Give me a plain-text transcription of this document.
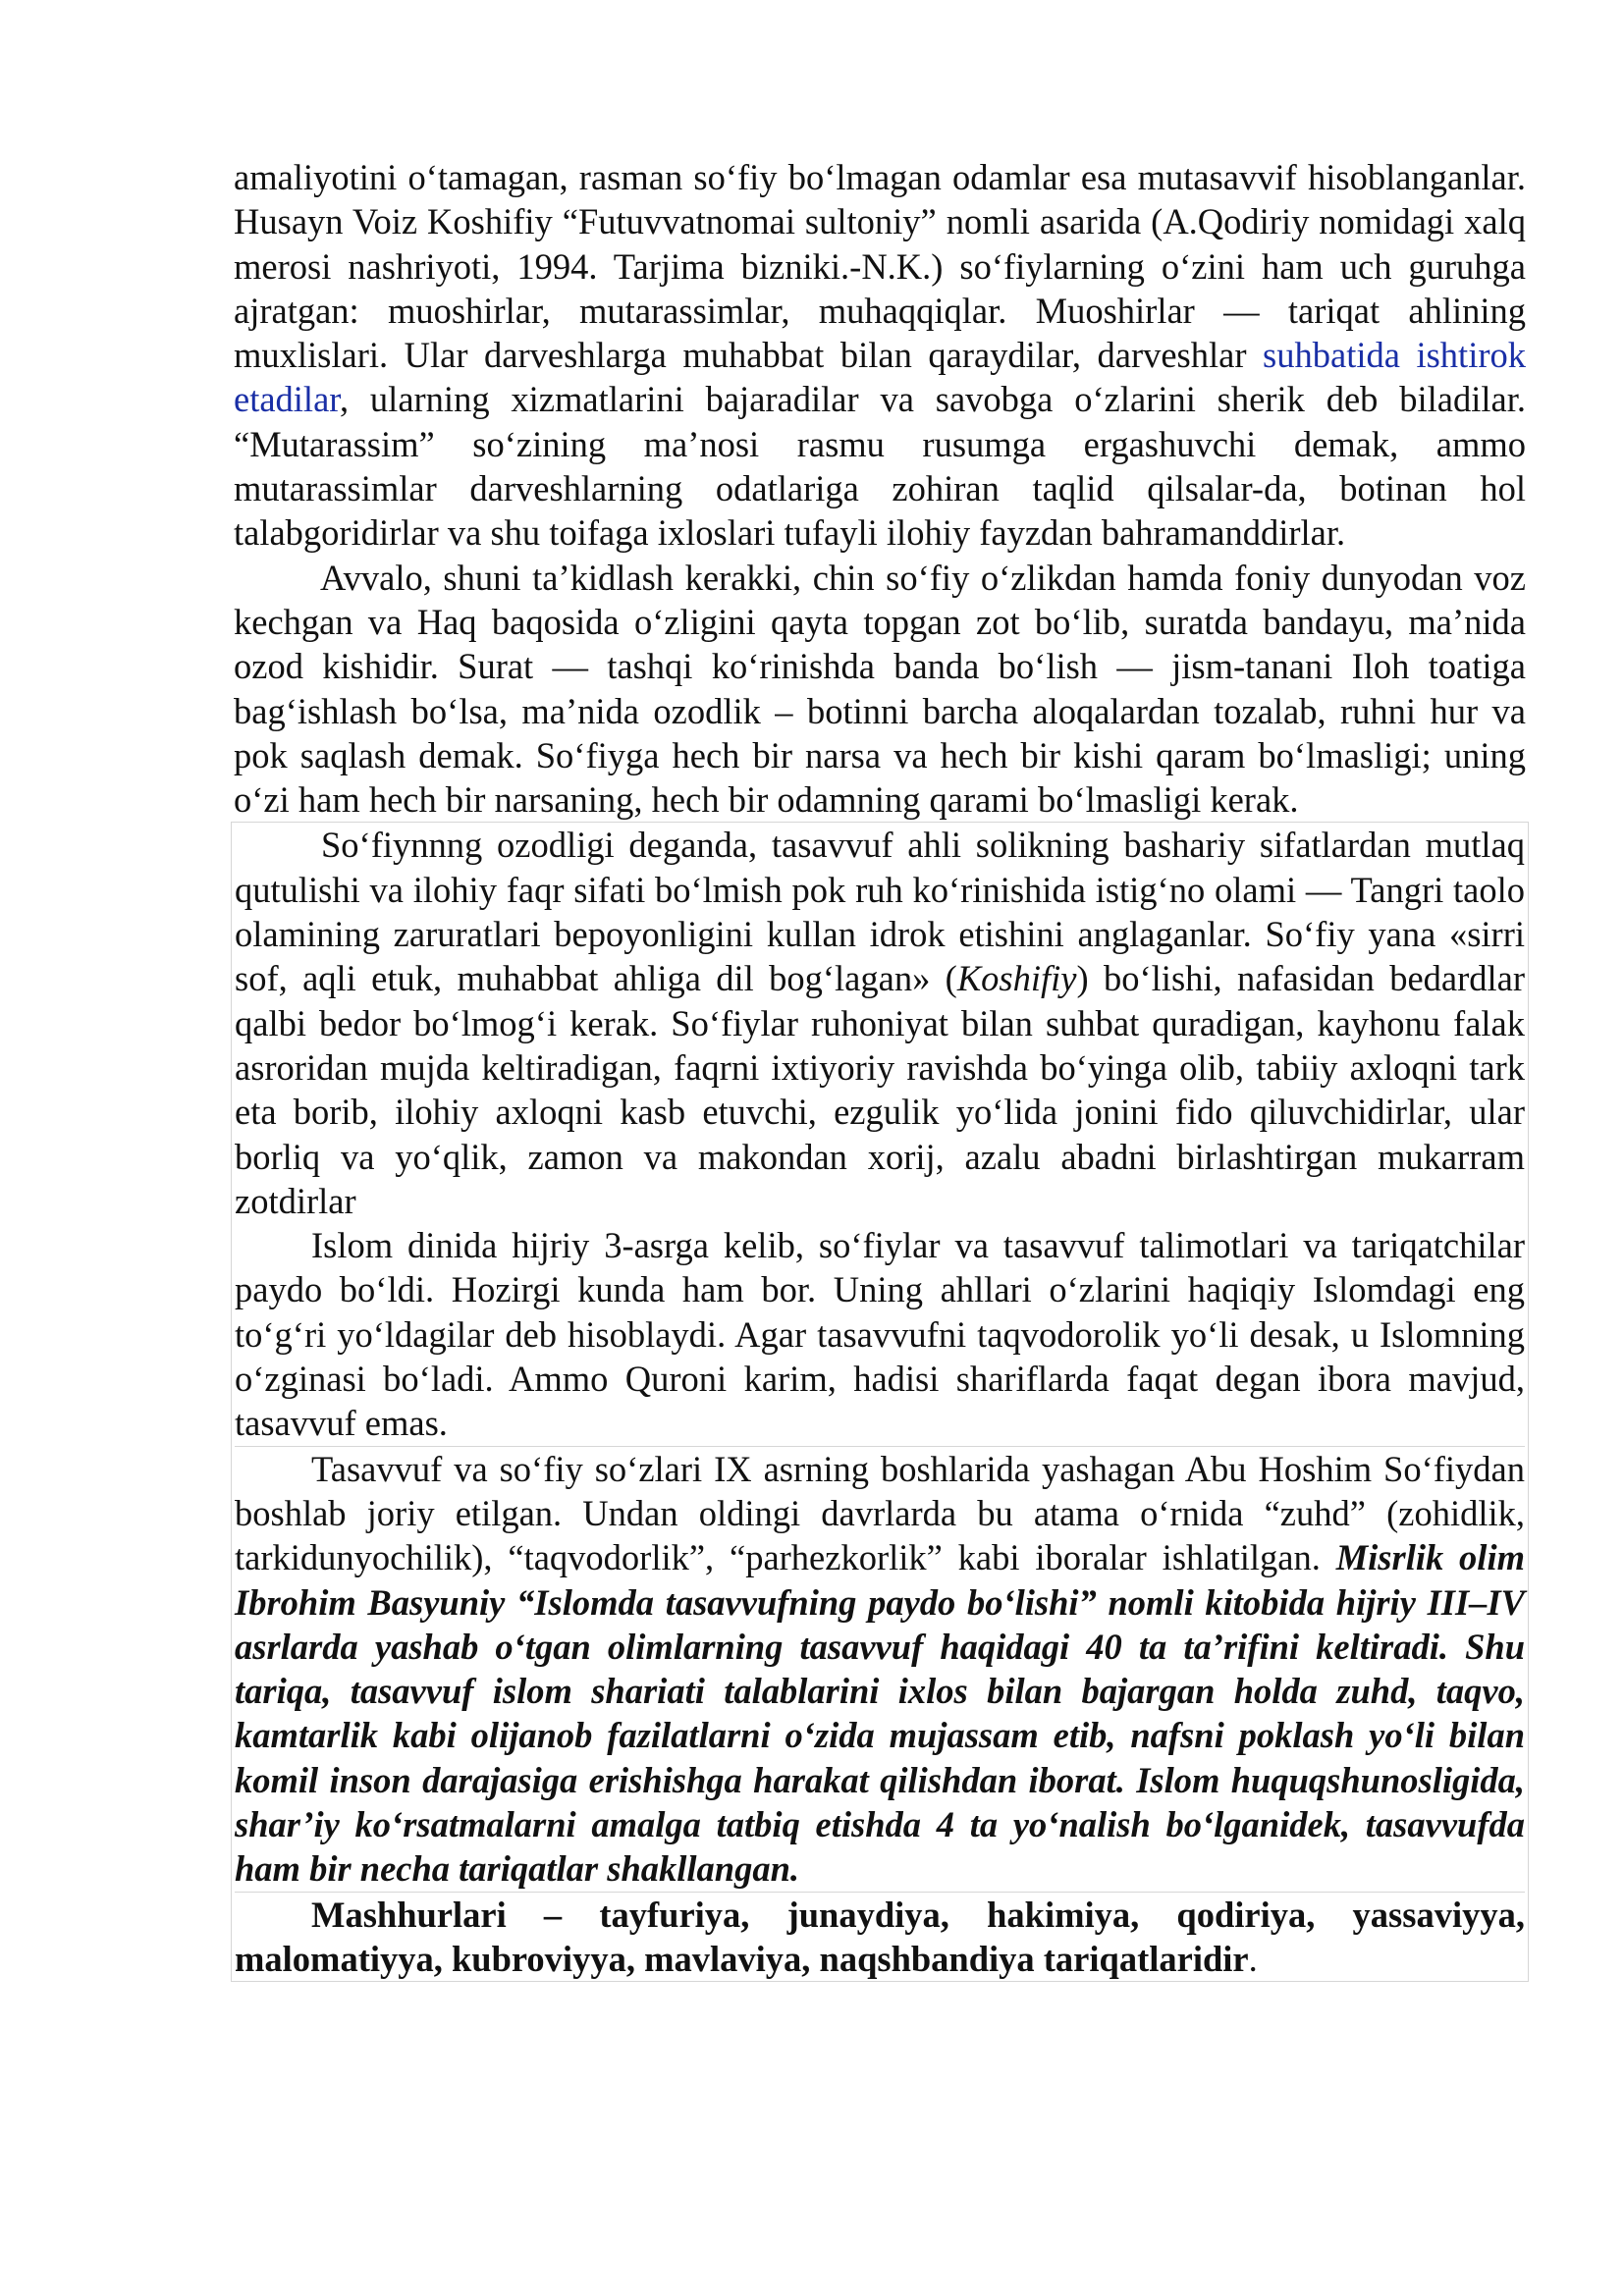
amaliyotini o‘tamagan, rasman so‘fiy bo‘lmagan odamlar esa mutasavvif hisoblanganlar. Husayn Voiz Koshifiy “Futuvvatnomai sultoniy” nomli asarida (A.Qodiriy nomidagi xalq merosi nashriyoti, 1994. Tarjima bizniki.-N.K.) so‘fiylarning o‘zini ham uch guruhga ajratgan: muoshirlar, mutarassimlar, muhaqqiqlar. Muoshirlar — tariqat ahlining muxlislari. Ular darveshlarga muhabbat bilan qaraydilar, darveshlar suhbatida ishtirok etadilar, ularning xizmatlarini bajaradilar va savobga o‘zlarini sherik deb biladilar. “Mutarassim” so‘zining ma’nosi rasmu rusumga ergashuvchi demak, ammo mutarassimlar darveshlarning odatlariga zohiran taqlid qilsalar-da, botinan hol talabgoridirlar va shu toifaga ixloslari tufayli ilohiy fayzdan bahramanddirlar.

Avvalo, shuni ta’kidlash kerakki, chin so‘fiy o‘zlikdan hamda foniy dunyodan voz kechgan va Haq baqosida o‘zligini qayta topgan zot bo‘lib, suratda bandayu, ma’nida ozod kishidir. Surat — tashqi ko‘rinishda banda bo‘lish — jism-tanani Iloh toatiga bag‘ishlash bo‘lsa, ma’nida ozodlik – botinni barcha aloqalardan tozalab, ruhni hur va pok saqlash demak. So‘fiyga hech bir narsa va hech bir kishi qaram bo‘lmasligi; uning o‘zi ham hech bir narsaning, hech bir odamning qarami bo‘lmasligi kerak.

So‘fiynnng ozodligi deganda, tasavvuf ahli solikning bashariy sifatlardan mutlaq qutulishi va ilohiy faqr sifati bo‘lmish pok ruh ko‘rinishida istig‘no olami — Tangri taolo olamining zaruratlari bepoyonligini kullan idrok etishini anglaganlar. So‘fiy yana «sirri sof, aqli etuk, muhabbat ahliga dil bog‘lagan» (Koshifiy) bo‘lishi, nafasidan bedardlar qalbi bedor bo‘lmog‘i kerak. So‘fiylar ruhoniyat bilan suhbat quradigan, kayhonu falak asroridan mujda keltiradigan, faqrni ixtiyoriy ravishda bo‘yinga olib, tabiiy axloqni tark eta borib, ilohiy axloqni kasb etuvchi, ezgulik yo‘lida jonini fido qiluvchidirlar, ular borliq va yo‘qlik, zamon va makondan xorij, azalu abadni birlashtirgan mukarram zotdirlar

Islom dinida hijriy 3-asrga kelib, so‘fiylar va tasavvuf talimotlari va tariqatchilar paydo bo‘ldi. Hozirgi kunda ham bor. Uning ahllari o‘zlarini haqiqiy Islomdagi eng to‘g‘ri yo‘ldagilar deb hisoblaydi. Agar tasavvufni taqvodorolik yo‘li desak, u Islomning o‘zginasi bo‘ladi. Ammo Quroni karim, hadisi shariflarda faqat degan ibora mavjud, tasavvuf emas.

Tasavvuf va so‘fiy so‘zlari IX asrning boshlarida yashagan Abu Hoshim So‘fiydan boshlab joriy etilgan. Undan oldingi davrlarda bu atama o‘rnida “zuhd” (zohidlik, tarkidunyochilik), “taqvodorlik”, “parhezkorlik” kabi iboralar ishlatilgan. Misrlik olim Ibrohim Basyuniy “Islomda tasavvufning paydo bo‘lishi” nomli kitobida hijriy III–IV asrlarda yashab o‘tgan olimlarning tasavvuf haqidagi 40 ta ta’rifini keltiradi. Shu tariqa, tasavvuf islom shariati talablarini ixlos bilan bajargan holda zuhd, taqvo, kamtarlik kabi olijanob fazilatlarni o‘zida mujassam etib, nafsni poklash yo‘li bilan komil inson darajasiga erishishga harakat qilishdan iborat. Islom huquqshunosligida, shar’iy ko‘rsatmalarni amalga tatbiq etishda 4 ta yo‘nalish bo‘lganidek, tasavvufda ham bir necha tariqatlar shakllangan.

Mashhurlari – tayfuriya, junaydiya, hakimiya, qodiriya, yassaviyya, malomatiyya, kubroviyya, mavlaviya, naqshbandiya tariqatlaridir.
